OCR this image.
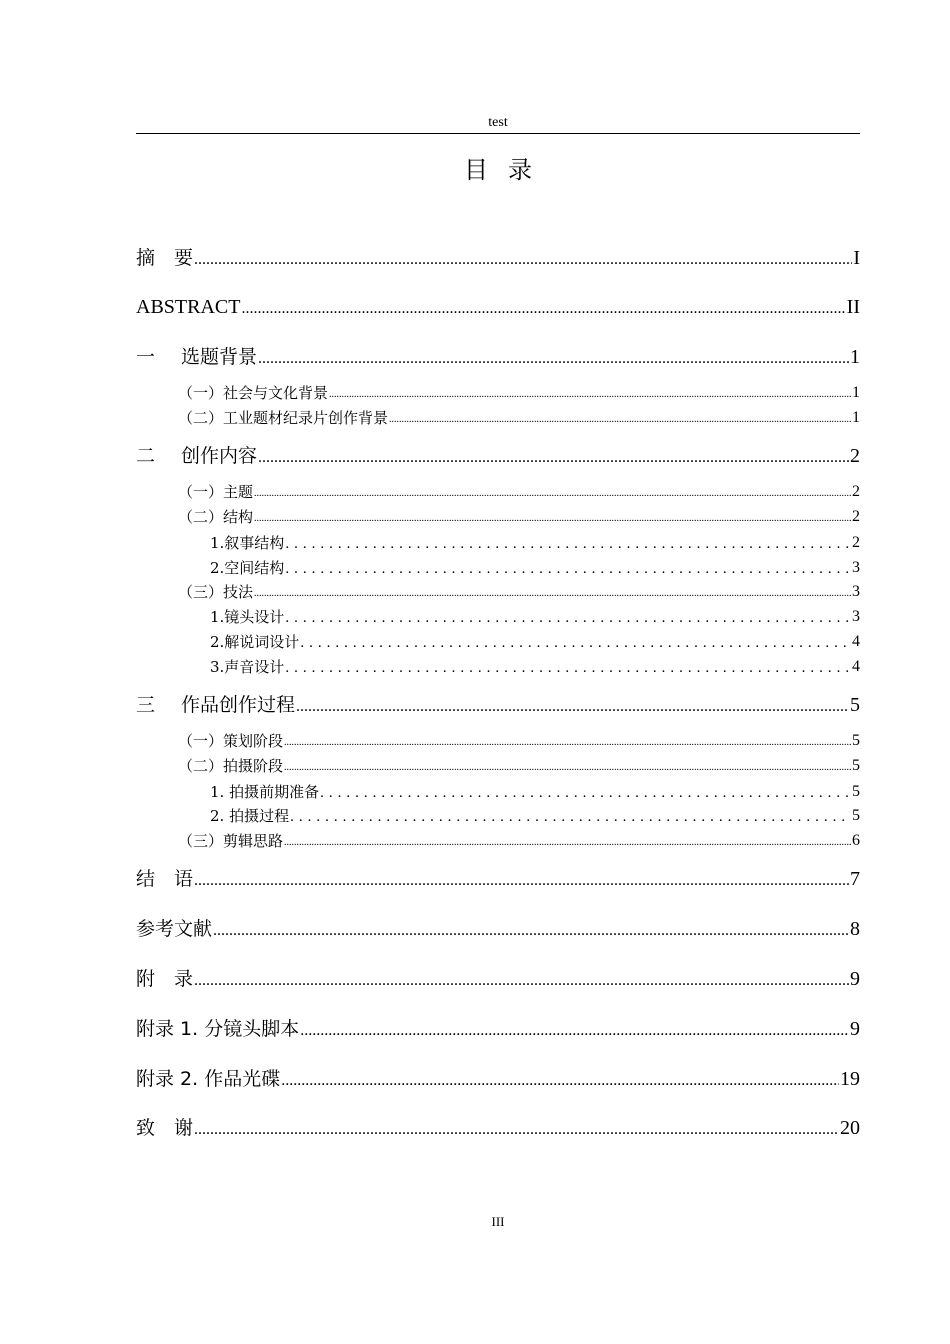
test
目录
摘　要 .....	I
ABSTRACT .....	II
一 选题背景 .....	1
（一）社会与文化背景 .....	1
（二）工业题材纪录片创作背景 .....	1
二 创作内容 .....	2
（一）主题 .....	2
（二）结构 .....	2
1.叙事结构 .....	2
2.空间结构 .....	3
（三）技法 .....	3
1.镜头设计 .....	3
2.解说词设计 .....	4
3.声音设计 .....	4
三 作品创作过程 .....	5
（一）策划阶段 .....	5
（二）拍摄阶段 .....	5
1. 拍摄前期准备 .....	5
2. 拍摄过程 .....	5
（三）剪辑思路 .....	6
结　语 .....	7
参考文献 .....	8
附　录 .....	9
附录 1. 分镜头脚本 .....	9
附录 2. 作品光碟 .....	19
致　谢 .....	20
III
